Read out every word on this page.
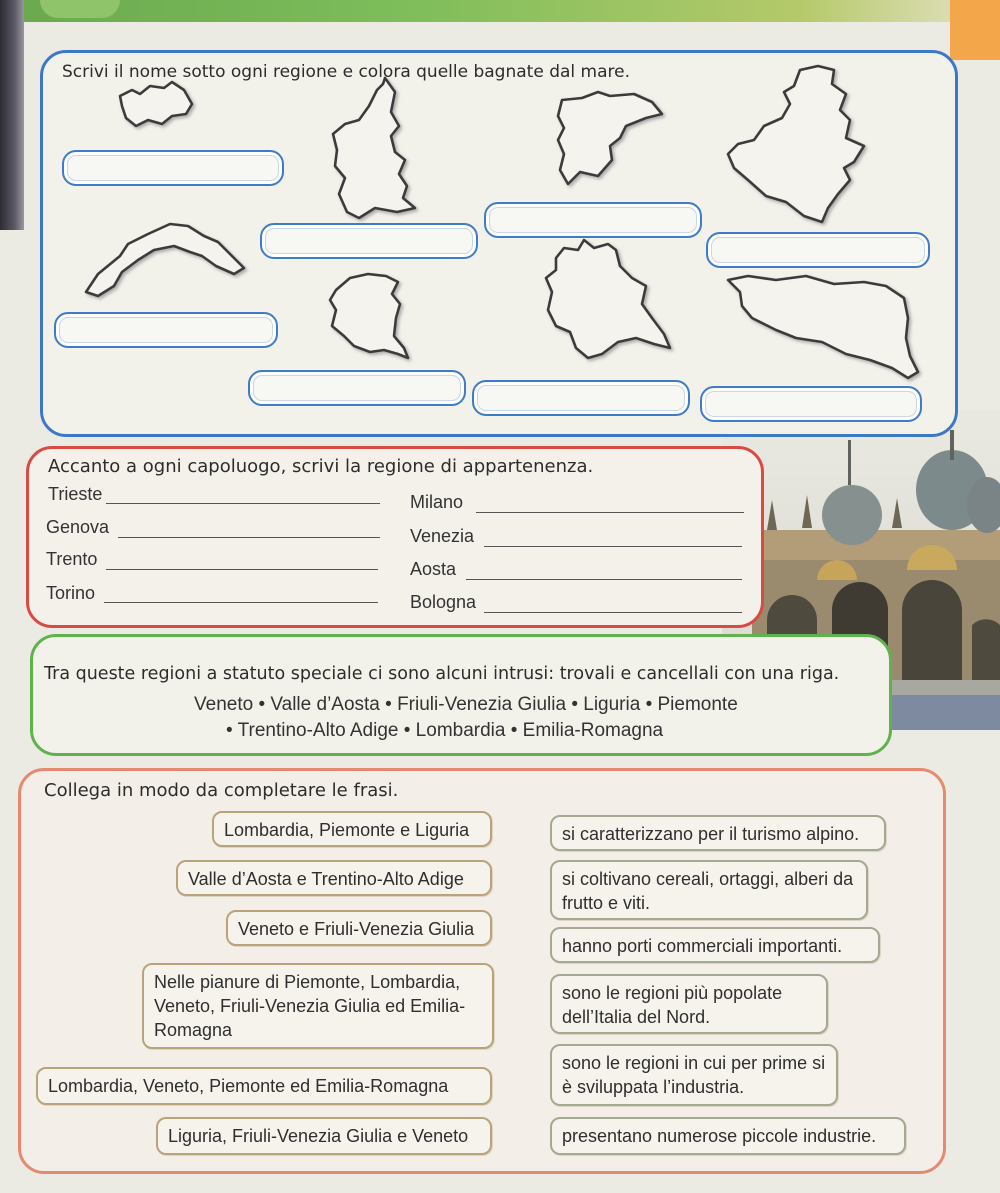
Scrivi il nome sotto ogni regione e colora quelle bagnate dal mare.
Accanto a ogni capoluogo, scrivi la regione di appartenenza.
Trieste
Genova
Trento
Torino
Milano
Venezia
Aosta
Bologna
Tra queste regioni a statuto speciale ci sono alcuni intrusi: trovali e cancellali con una riga.
Veneto • Valle d’Aosta • Friuli-Venezia Giulia • Liguria • Piemonte
• Trentino-Alto Adige • Lombardia • Emilia-Romagna
Collega in modo da completare le frasi.
Lombardia, Piemonte e Liguria
Valle d’Aosta e Trentino-Alto Adige
Veneto e Friuli-Venezia Giulia
Nelle pianure di Piemonte, Lombardia, Veneto, Friuli-Venezia Giulia ed Emilia-Romagna
Lombardia, Veneto, Piemonte ed Emilia-Romagna
Liguria, Friuli-Venezia Giulia e Veneto
si caratterizzano per il turismo alpino.
si coltivano cereali, ortaggi, alberi da frutto e viti.
hanno porti commerciali importanti.
sono le regioni più popolate dell’Italia del Nord.
sono le regioni in cui per prime si è sviluppata l’industria.
presentano numerose piccole industrie.
